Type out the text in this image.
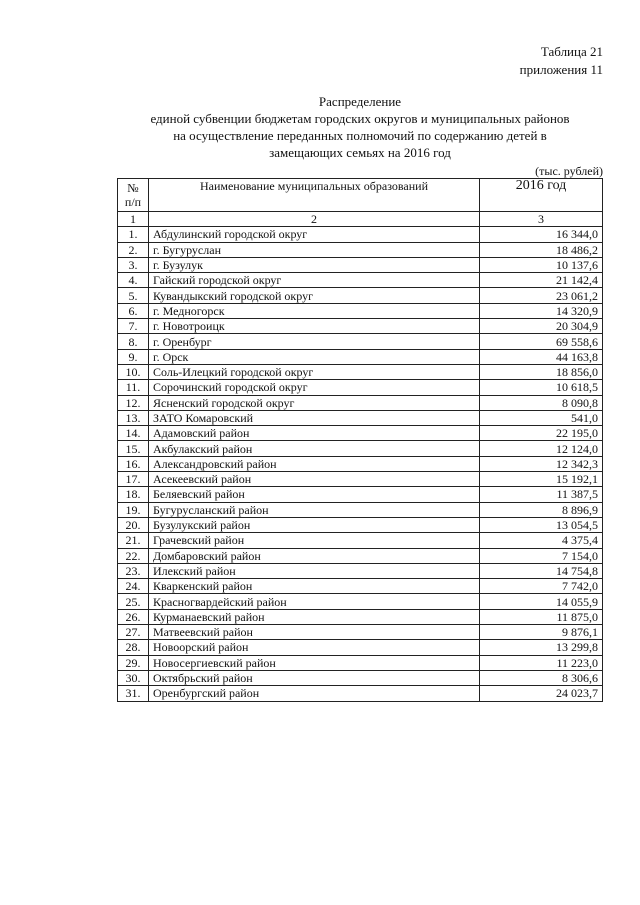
Таблица 21
приложения 11
Распределение
единой субвенции бюджетам городских округов и муниципальных районов
на осуществление переданных полномочий по содержанию детей в
замещающих семьях на 2016 год
(тыс. рублей)
№ п/п	Наименование муниципальных образований	2016 год
1	2	3
1.	Абдулинский городской округ	16 344,0
2.	г. Бугуруслан	18 486,2
3.	г. Бузулук	10 137,6
4.	Гайский городской округ	21 142,4
5.	Кувандыкский городской округ	23 061,2
6.	г. Медногорск	14 320,9
7.	г. Новотроицк	20 304,9
8.	г. Оренбург	69 558,6
9.	г. Орск	44 163,8
10.	Соль-Илецкий городской округ	18 856,0
11.	Сорочинский городской округ	10 618,5
12.	Ясненский городской округ	8 090,8
13.	ЗАТО Комаровский	541,0
14.	Адамовский район	22 195,0
15.	Акбулакский район	12 124,0
16.	Александровский район	12 342,3
17.	Асекеевский район	15 192,1
18.	Беляевский район	11 387,5
19.	Бугурусланский район	8 896,9
20.	Бузулукский район	13 054,5
21.	Грачевский район	4 375,4
22.	Домбаровский район	7 154,0
23.	Илекский район	14 754,8
24.	Кваркенский район	7 742,0
25.	Красногвардейский район	14 055,9
26.	Курманаевский район	11 875,0
27.	Матвеевский район	9 876,1
28.	Новоорский район	13 299,8
29.	Новосергиевский район	11 223,0
30.	Октябрьский район	8 306,6
31.	Оренбургский район	24 023,7
